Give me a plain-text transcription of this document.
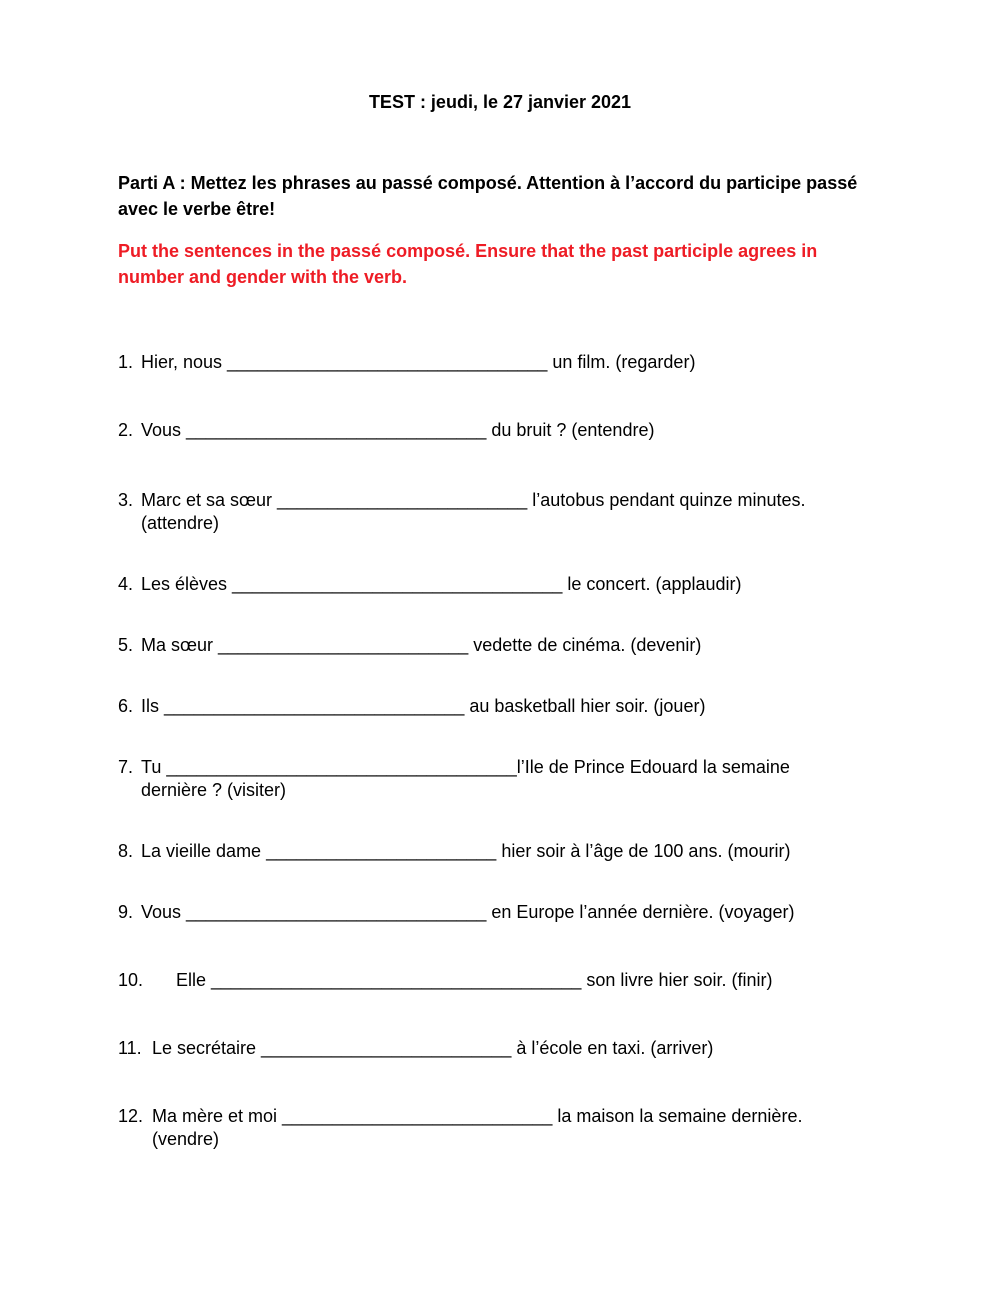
TEST : jeudi, le 27 janvier 2021
Parti A : Mettez les phrases au passé composé. Attention à l’accord du participe passé avec le verbe être!
Put the sentences in the passé composé. Ensure that the past participle agrees in number and gender with the verb.
1. Hier, nous ________________________________ un film. (regarder)
2. Vous ______________________________ du bruit ? (entendre)
3. Marc et sa sœur _________________________ l’autobus pendant quinze minutes.
(attendre)
4. Les élèves _________________________________ le concert. (applaudir)
5. Ma sœur _________________________ vedette de cinéma. (devenir)
6. Ils ______________________________ au basketball hier soir. (jouer)
7. Tu ___________________________________l’Ile de Prince Edouard la semaine
dernière ? (visiter)
8. La vieille dame _______________________ hier soir à l’âge de 100 ans. (mourir)
9. Vous ______________________________ en Europe l’année dernière. (voyager)
10. Elle _____________________________________ son livre hier soir. (finir)
11. Le secrétaire _________________________ à l’école en taxi. (arriver)
12. Ma mère et moi ___________________________ la maison la semaine dernière.
(vendre)
